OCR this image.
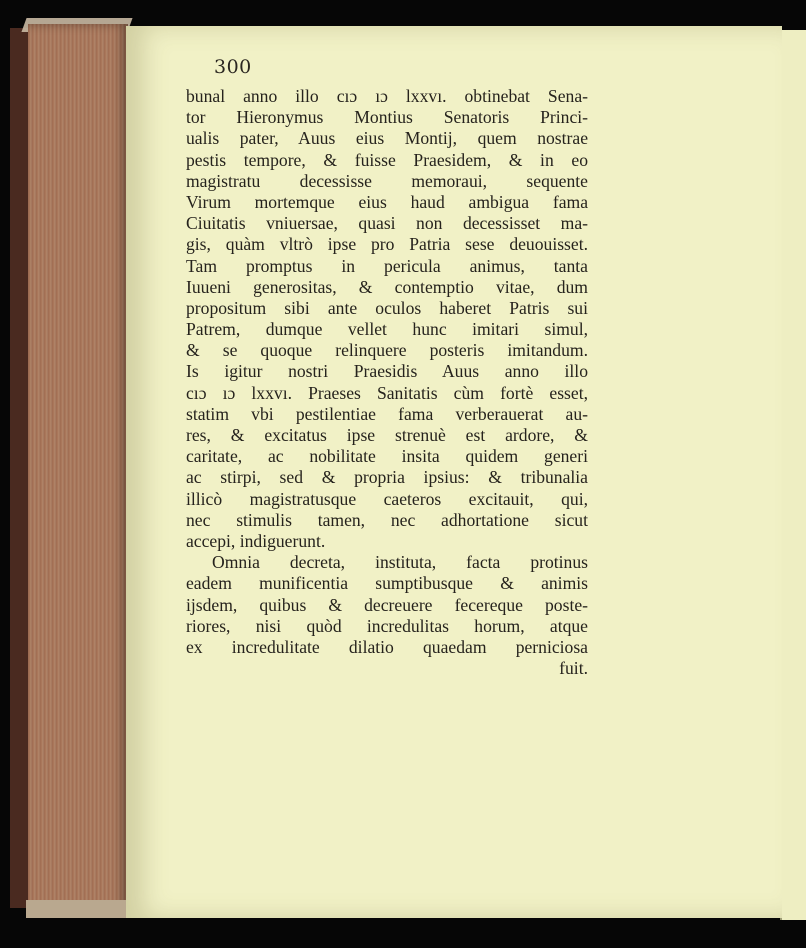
300
bunal anno illo cıɔ ıɔ lxxvı. obtinebat Sena-
tor Hieronymus Montius Senatoris Princi-
ualis pater, Auus eius Montij, quem nostrae
pestis tempore, & fuisse Praesidem, & in eo
magistratu decessisse memoraui, sequente
Virum mortemque eius haud ambigua fama
Ciuitatis vniuersae, quasi non decessisset ma-
gis, quàm vltrò ipse pro Patria sese deuouisset.
Tam promptus in pericula animus, tanta
Iuueni generositas, & contemptio vitae, dum
propositum sibi ante oculos haberet Patris sui
Patrem, dumque vellet hunc imitari simul,
& se quoque relinquere posteris imitandum.
Is igitur nostri Praesidis Auus anno illo
cıɔ ıɔ lxxvı. Praeses Sanitatis cùm fortè esset,
statim vbi pestilentiae fama verberauerat au-
res, & excitatus ipse strenuè est ardore, &
caritate, ac nobilitate insita quidem generi
ac stirpi, sed & propria ipsius: & tribunalia
illicò magistratusque caeteros excitauit, qui,
nec stimulis tamen, nec adhortatione sicut
accepi, indiguerunt.
Omnia decreta, instituta, facta protinus
eadem munificentia sumptibusque & animis
ijsdem, quibus & decreuere fecereque poste-
riores, nisi quòd incredulitas horum, atque
ex incredulitate dilatio quaedam perniciosa
fuit.
